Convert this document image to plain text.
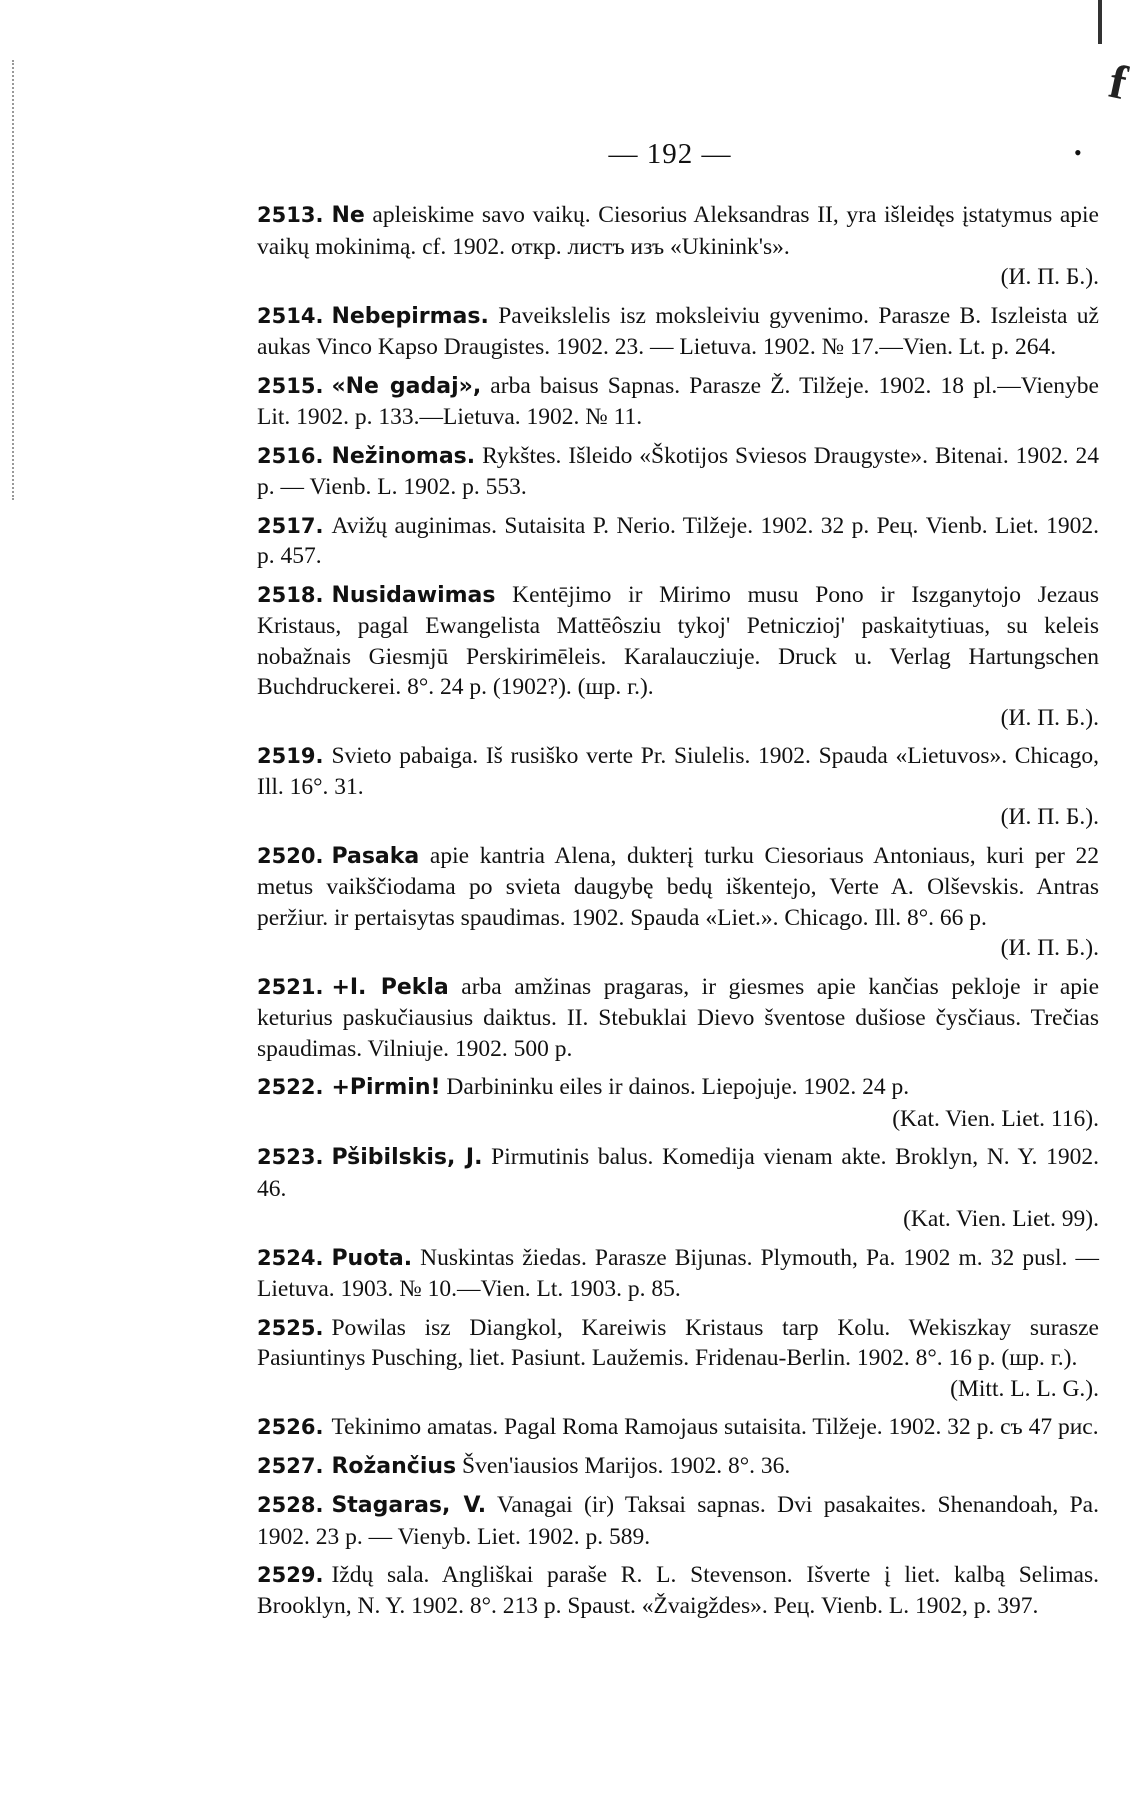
f
— 192 —	•

2513. Ne apleiskime savo vaikų. Ciesorius Aleksandras II, yra išleidęs įstatymus apie vaikų mokinimą. cf. 1902. откр. листъ изъ «Ukinink's».

(И. П. Б.).

2514. Nebepirmas. Paveikslelis isz moksleiviu gyvenimo. Parasze B. Iszleista už aukas Vinco Kapso Draugistes. 1902. 23. — Lietuva. 1902. № 17.—Vien. Lt. p. 264.

2515. «Ne gadaj», arba baisus Sapnas. Parasze Ž. Tilžeje. 1902. 18 pl.—Vienybe Lit. 1902. p. 133.—Lietuva. 1902. № 11.

2516. Nežinomas. Rykštes. Išleido «Škotijos Sviesos Draugyste». Bitenai. 1902. 24 p. — Vienb. L. 1902. p. 553.

2517. Avižų auginimas. Sutaisita P. Nerio. Tilžeje. 1902. 32 p. Рец. Vienb. Liet. 1902. p. 457.

2518. Nusidawimas Kentējimo ir Mirimo musu Pono ir Iszganytojo Jezaus Kristaus, pagal Ewangelista Mattēôsziu tykoj' Petniczioj' paskaitytiuas, su keleis nobažnais Giesmjū Perskirimēleis. Karalaucziuje. Druck u. Verlag Hartungschen Buchdruckerei. 8°. 24 p. (1902?). (шр. г.).

(И. П. Б.).

2519. Svieto pabaiga. Iš rusiško verte Pr. Siulelis. 1902. Spauda «Lietuvos». Chicago, Ill. 16°. 31.

(И. П. Б.).

2520. Pasaka apie kantria Alena, dukterį turku Ciesoriaus Antoniaus, kuri per 22 metus vaikščiodama po svieta daugybę bedų iškentejo, Verte A. Olševskis. Antras peržiur. ir pertaisytas spaudimas. 1902. Spauda «Liet.». Chicago. Ill. 8°. 66 p.

(И. П. Б.).

2521. +I. Pekla arba amžinas pragaras, ir giesmes apie kančias pekloje ir apie keturius paskučiausius daiktus. II. Stebuklai Dievo šventose dušiose čysčiaus. Trečias spaudimas. Vilniuje. 1902. 500 p.

2522. +Pirmin! Darbininku eiles ir dainos. Liepojuje. 1902. 24 p.

(Kat. Vien. Liet. 116).

2523. Pšibilskis, J. Pirmutinis balus. Komedija vienam akte. Broklyn, N. Y. 1902. 46.

(Kat. Vien. Liet. 99).

2524. Puota. Nuskintas žiedas. Parasze Bijunas. Plymouth, Pa. 1902 m. 32 pusl. — Lietuva. 1903. № 10.—Vien. Lt. 1903. p. 85.

2525. Powilas isz Diangkol, Kareiwis Kristaus tarp Kolu. Wekiszkay surasze Pasiuntinys Pusching, liet. Pasiunt. Laužemis. Fridenau-Berlin. 1902. 8°. 16 p. (шр. г.).

(Mitt. L. L. G.).

2526. Tekinimo amatas. Pagal Roma Ramojaus sutaisita. Tilžeje. 1902. 32 p. съ 47 рис.

2527. Rožančius Šven'iausios Marijos. 1902. 8°. 36.

2528. Stagaras, V. Vanagai (ir) Taksai sapnas. Dvi pasakaites. Shenandoah, Pa. 1902. 23 p. — Vienyb. Liet. 1902. p. 589.

2529. Iždų sala. Angliškai paraše R. L. Stevenson. Išverte į liet. kalbą Selimas. Brooklyn, N. Y. 1902. 8°. 213 p. Spaust. «Žvaigždes». Рец. Vienb. L. 1902, p. 397.
